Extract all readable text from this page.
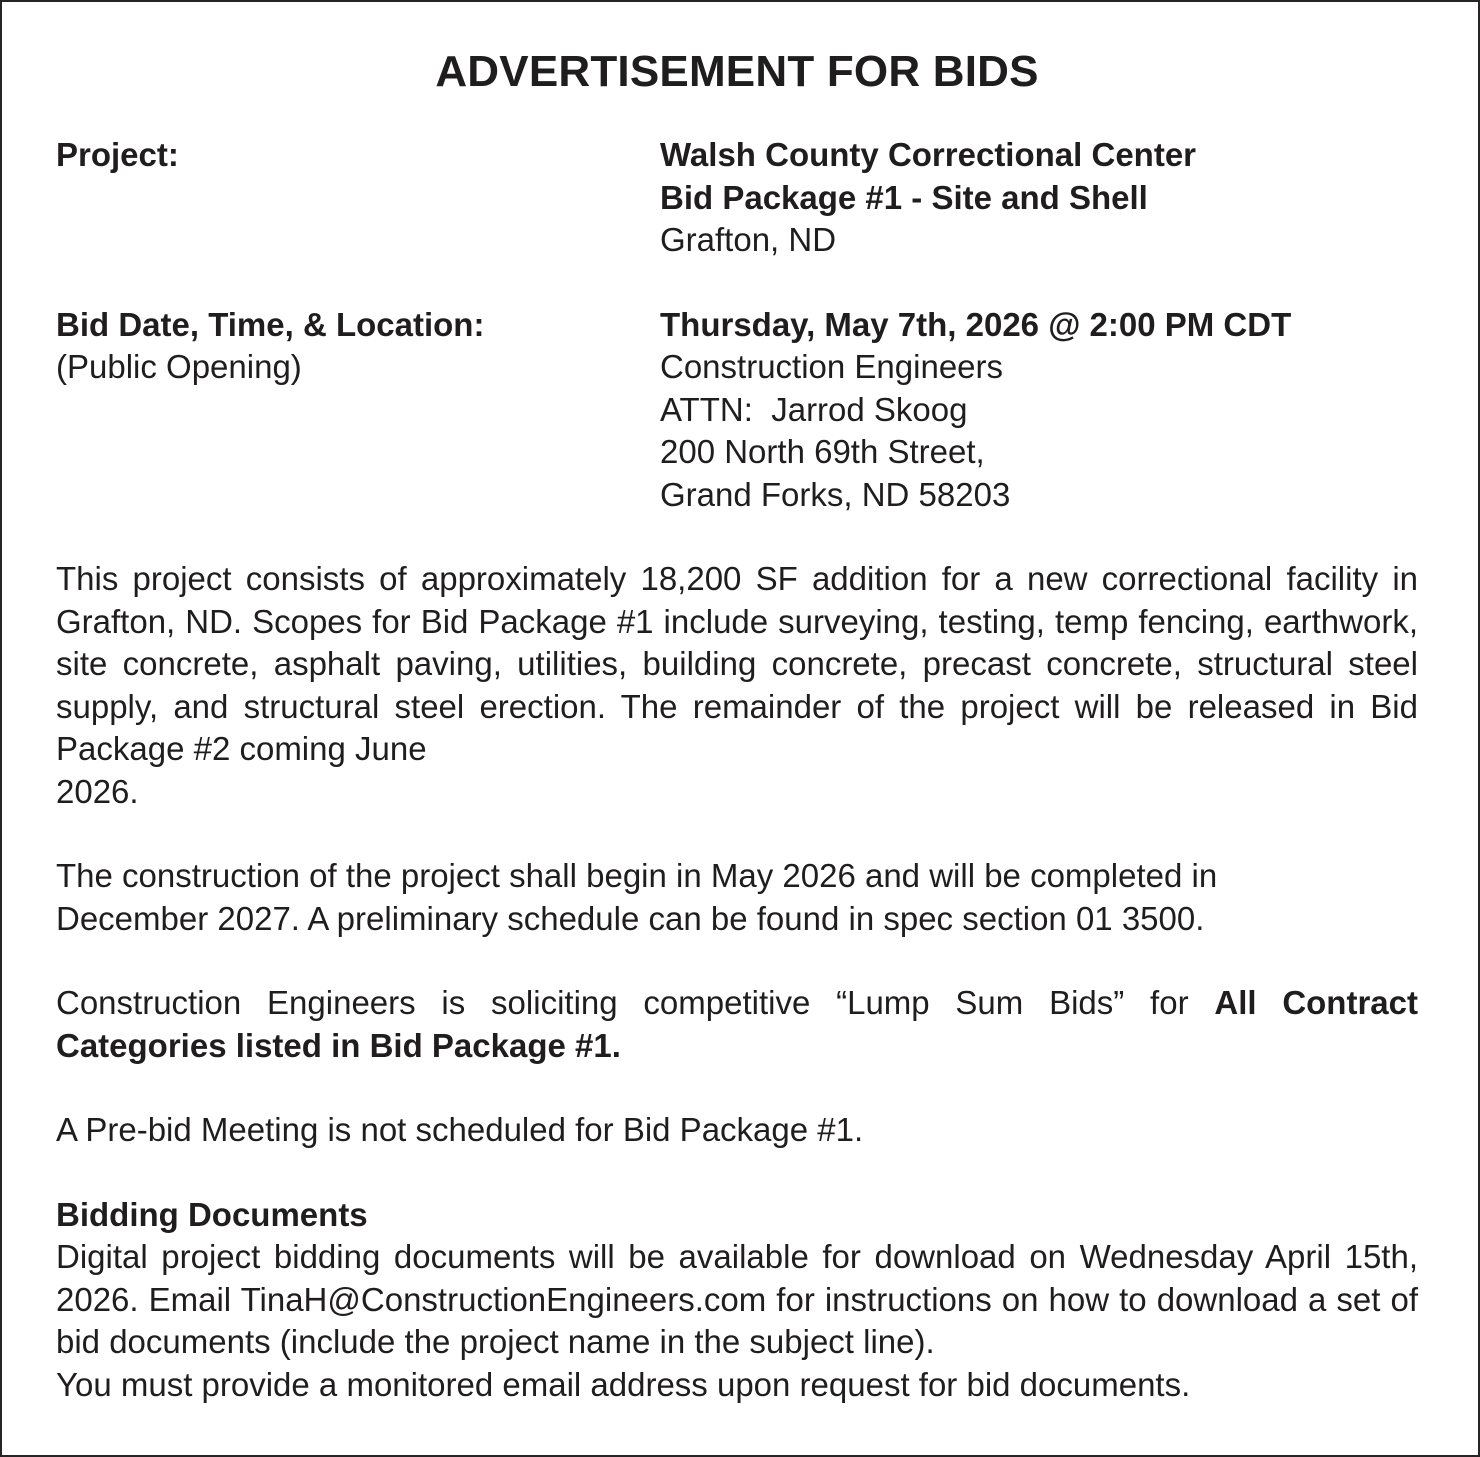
ADVERTISEMENT FOR BIDS
Project:	Walsh County Correctional Center
Bid Package #1 - Site and Shell
Grafton, ND
Bid Date, Time, & Location:
(Public Opening)
Thursday, May 7th, 2026 @ 2:00 PM CDT
Construction Engineers
ATTN:  Jarrod Skoog
200 North 69th Street,
Grand Forks, ND 58203

This project consists of approximately 18,200 SF addition for a new correctional facility in Grafton, ND. Scopes for Bid Package #1 include surveying, testing, temp fencing, earthwork, site concrete, asphalt paving, utilities, building concrete, precast concrete, structural steel supply, and structural steel erection. The remainder of the project will be released in Bid Package #2 coming June

2026.

The construction of the project shall begin in May 2026 and will be completed in
December 2027. A preliminary schedule can be found in spec section 01 3500.

Construction Engineers is soliciting competitive “Lump Sum Bids” for All Contract Categories listed in Bid Package #1.

A Pre-bid Meeting is not scheduled for Bid Package #1.

Bidding Documents

Digital project bidding documents will be available for download on Wednesday April 15th, 2026. Email TinaH@ConstructionEngineers.com for instructions on how to download a set of bid documents (include the project name in the subject line).

You must provide a monitored email address upon request for bid documents.
